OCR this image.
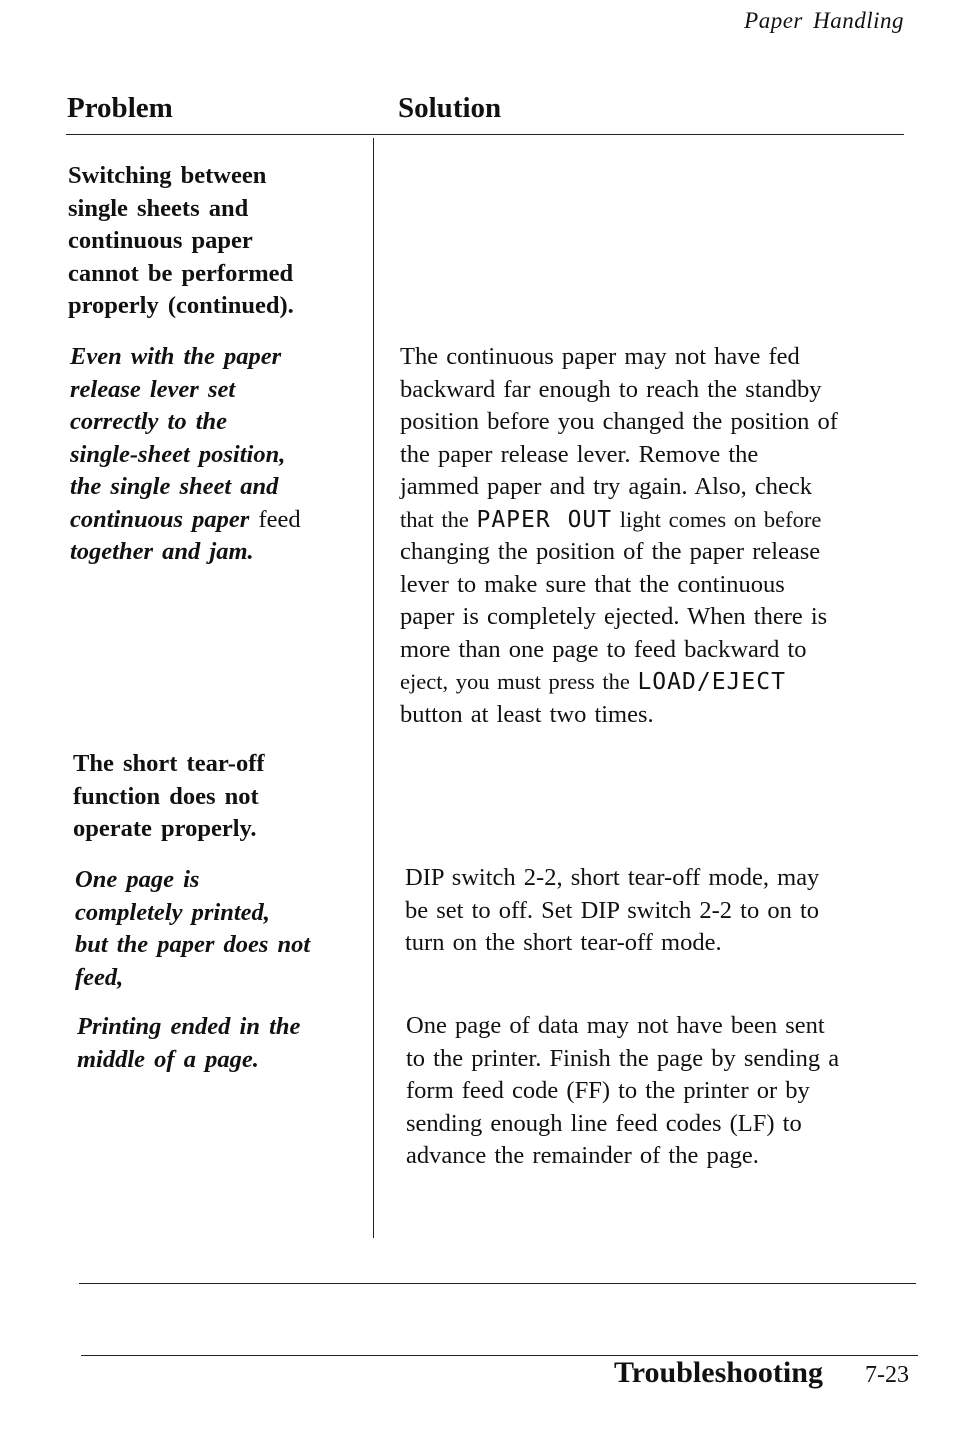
Paper Handling
Problem	Solution
Switching between
single sheets and
continuous paper
cannot be performed
properly (continued).
Even with the paper
release lever set
correctly to the
single-sheet position,
the single sheet and
continuous paper feed
together and jam.
The continuous paper may not have fed
backward far enough to reach the standby
position before you changed the position of
the paper release lever. Remove the
jammed paper and try again. Also, check
that the PAPER OUT light comes on before
changing the position of the paper release
lever to make sure that the continuous
paper is completely ejected. When there is
more than one page to feed backward to
eject, you must press the LOAD/EJECT
button at least two times.
The short tear-off
function does not
operate properly.
One page is
completely printed,
but the paper does not
feed,
DIP switch 2-2, short tear-off mode, may
be set to off. Set DIP switch 2-2 to on to
turn on the short tear-off mode.
Printing ended in the
middle of a page.
One page of data may not have been sent
to the printer. Finish the page by sending a
form feed code (FF) to the printer or by
sending enough line feed codes (LF) to
advance the remainder of the page.
Troubleshooting 7-23
